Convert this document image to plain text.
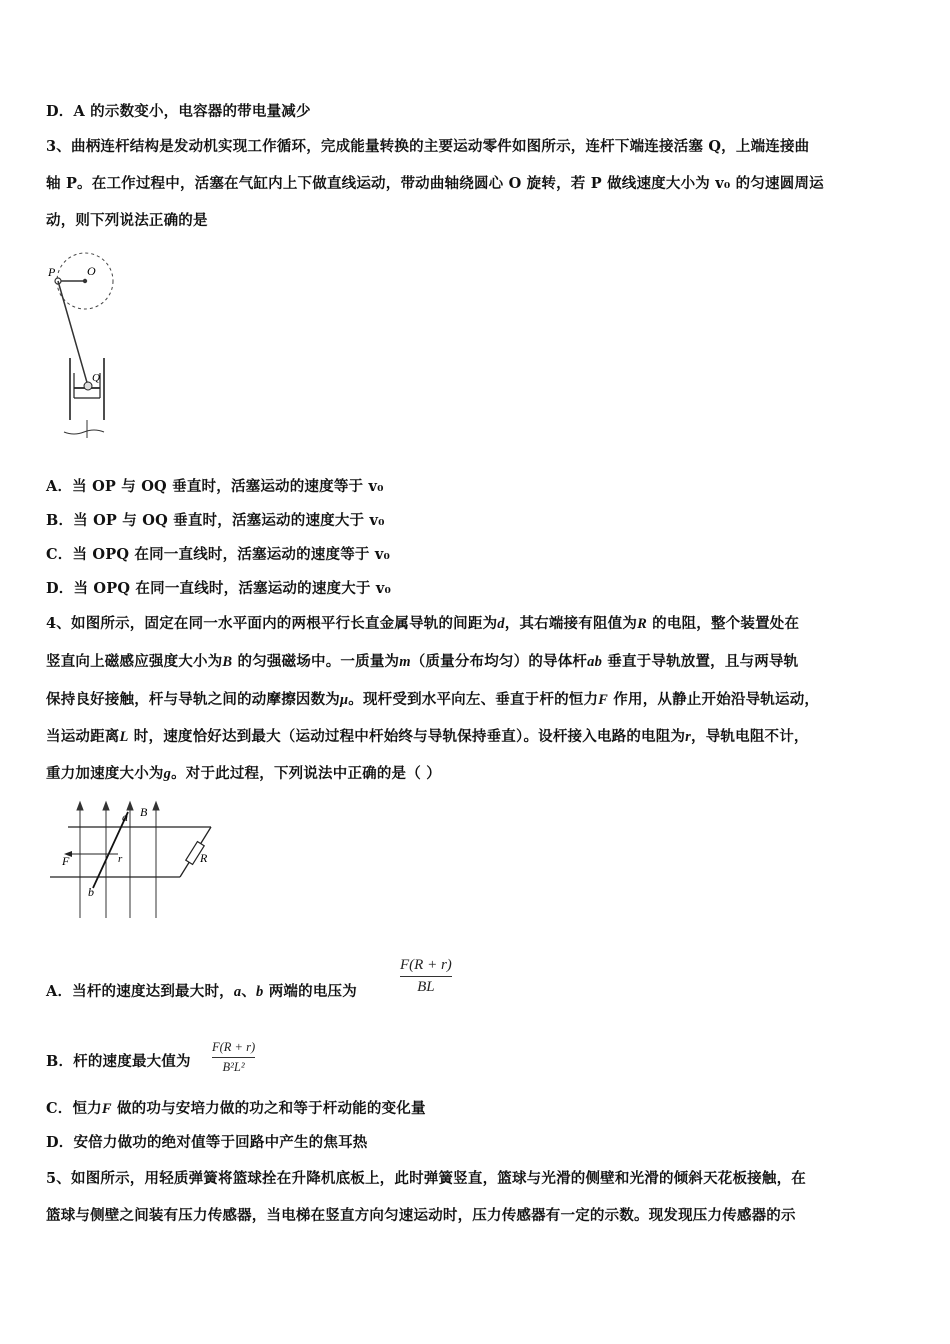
D．A 的示数变小，电容器的带电量减少
3、曲柄连杆结构是发动机实现工作循环，完成能量转换的主要运动零件如图所示，连杆下端连接活塞 Q，上端连接曲
轴 P。在工作过程中，活塞在气缸内上下做直线运动，带动曲轴绕圆心 O 旋转，若 P 做线速度大小为 v₀ 的匀速圆周运
动，则下列说法正确的是
P	O
Q
A．当 OP 与 OQ 垂直时，活塞运动的速度等于 v₀
B．当 OP 与 OQ 垂直时，活塞运动的速度大于 v₀
C．当 OPQ 在同一直线时，活塞运动的速度等于 v₀
D．当 OPQ 在同一直线时，活塞运动的速度大于 v₀
4、如图所示，固定在同一水平面内的两根平行长直金属导轨的间距为d，其右端接有阻值为R 的电阻，整个装置处在
竖直向上磁感应强度大小为B 的匀强磁场中。一质量为m（质量分布均匀）的导体杆ab 垂直于导轨放置，且与两导轨
保持良好接触，杆与导轨之间的动摩擦因数为μ。现杆受到水平向左、垂直于杆的恒力F 作用，从静止开始沿导轨运动，
当运动距离L 时，速度恰好达到最大（运动过程中杆始终与导轨保持垂直）。设杆接入电路的电阻为r，导轨电阻不计，
重力加速度大小为g。对于此过程，下列说法中正确的是（ ）
a
b
B
F	r	R
A．当杆的速度达到最大时，a、b 两端的电压为
F(R + r)
BL
B．杆的速度最大值为
F(R + r)
B²L²
C．恒力F 做的功与安培力做的功之和等于杆动能的变化量
D．安倍力做功的绝对值等于回路中产生的焦耳热
5、如图所示，用轻质弹簧将篮球拴在升降机底板上，此时弹簧竖直，篮球与光滑的侧壁和光滑的倾斜天花板接触，在
篮球与侧壁之间装有压力传感器，当电梯在竖直方向匀速运动时，压力传感器有一定的示数。现发现压力传感器的示
